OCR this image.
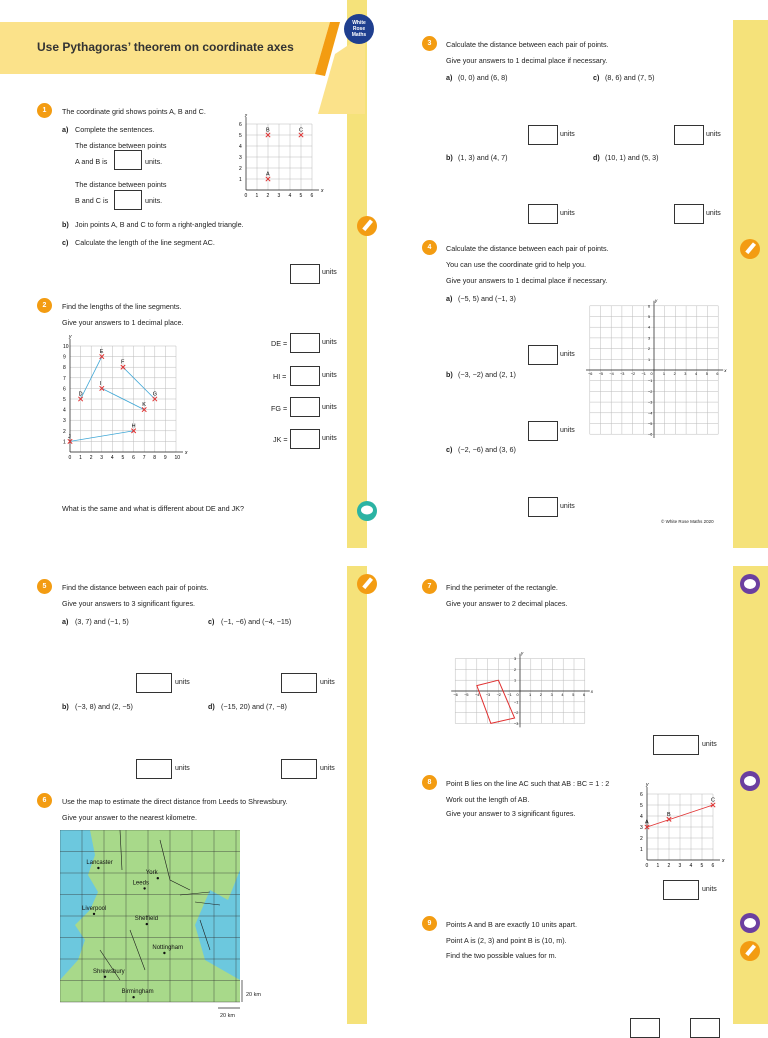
Use Pythagoras’ theorem on coordinate axes
White
Rose
Maths
1	The coordinate grid shows points A, B and C.
a) Complete the sentences.
The distance between points
A and B is	units.
The distance between points
B and C is	units.
b) Join points A, B and C to form a right-angled triangle.
c) Calculate the length of the line segment AC.
units
x
y
0 1 2 3 4 5 6
1
2
3
4
5
6
A
B	C
2	Find the lengths of the line segments.
Give your answers to 1 decimal place.
x
y
0 1 2 3 4 5 6 7 8 9 10
1
2
3
4
5
6
7
8
9
10
D
E
F
G
K
I
H
J
DE =	units
HI =	units
FG =	units
JK =	units
What is the same and what is different about DE and JK?
3	Calculate the distance between each pair of points.
Give your answers to 1 decimal place if necessary.
a) (0, 0) and (6, 8)	c) (8, 6) and (7, 5)
units	units
b) (1, 3) and (4, 7)	d) (10, 1) and (5, 3)
units	units
4	Calculate the distance between each pair of points.
You can use the coordinate grid to help you.
Give your answers to 1 decimal place if necessary.
a) (−5, 5) and (−1, 3)
units
b) (−3, −2) and (2, 1)
units
c) (−2, −6) and (3, 6)
units
x
y
−6 −5 −4 −3 −2 −1	1 2 3 4 5 6
−6
−5
−4
−3
−2
−1
1
2
3
4
5
6
0
© White Rose Maths 2020
5	Find the distance between each pair of points.
Give your answers to 3 significant figures.
a) (3, 7) and (−1, 5)	c) (−1, −6) and (−4, −15)
units	units
b) (−3, 8) and (2, −5)	d) (−15, 20) and (7, −8)
units	units
6	Use the map to estimate the direct distance from Leeds to Shrewsbury.
Give your answer to the nearest kilometre.
Lancaster
York
Leeds
Liverpool
Sheffield
Nottingham
Shrewsbury
Birmingham	20 km
20 km
7	Find the perimeter of the rectangle.
Give your answer to 2 decimal places.
x
y
−6 −5 −4 −3 −2 −1	1 2 3 4 5 6
−3
−2
−1
1
2
3
0
units
8	Point B lies on the line AC such that AB : BC = 1 : 2
Work out the length of AB.
Give your answer to 3 significant figures.
x
y
0 1 2 3 4 5 6
1
2
3
4
5
6
A
B
C
units
9	Points A and B are exactly 10 units apart.
Point A is (2, 3) and point B is (10, m).
Find the two possible values for m.
